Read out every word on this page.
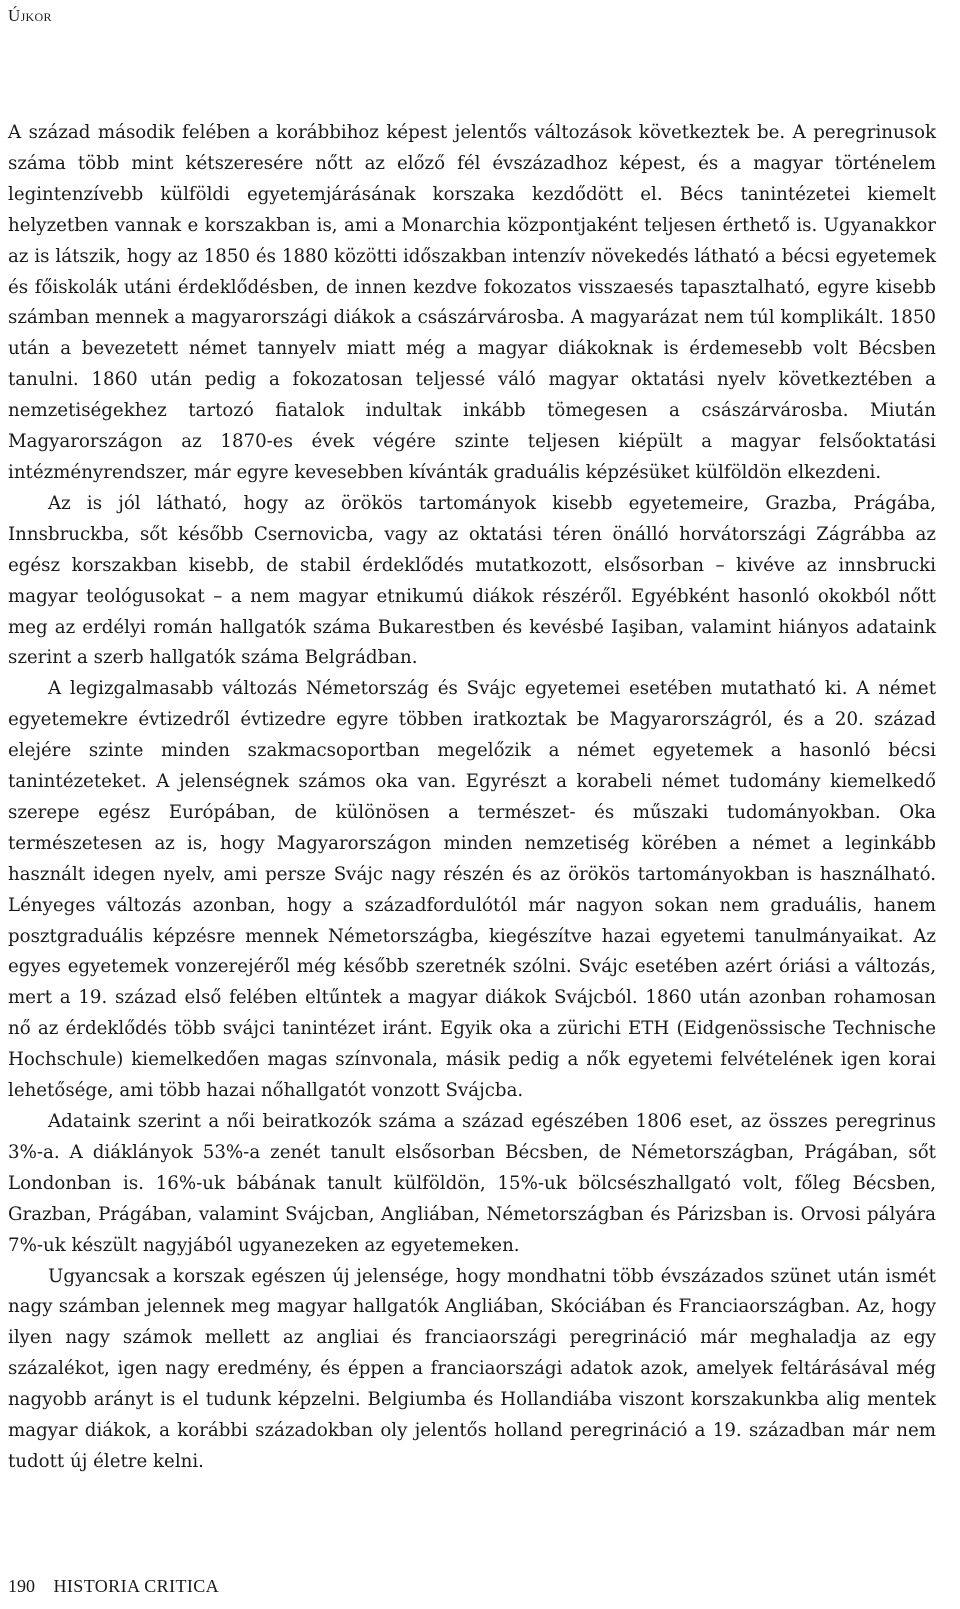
Újkor

A század második felében a korábbihoz képest jelentős változások következtek be. A peregrinusok száma több mint kétszeresére nőtt az előző fél évszázadhoz képest, és a magyar történelem legintenzívebb külföldi egyetemjárásának korszaka kezdődött el. Bécs tanintézetei kiemelt helyzetben vannak e korszakban is, ami a Monarchia központjaként teljesen érthető is. Ugyanakkor az is látszik, hogy az 1850 és 1880 közötti időszakban intenzív növekedés látható a bécsi egyetemek és főiskolák utáni érdeklődésben, de innen kezdve fokozatos visszaesés tapasztalható, egyre kisebb számban mennek a magyarországi diákok a császárvárosba. A magyarázat nem túl komplikált. 1850 után a bevezetett német tannyelv miatt még a magyar diákoknak is érdemesebb volt Bécsben tanulni. 1860 után pedig a fokozatosan teljessé váló magyar oktatási nyelv következtében a nemzetiségekhez tartozó fiatalok indultak inkább tömegesen a császárvárosba. Miután Magyarországon az 1870-es évek végére szinte teljesen kiépült a magyar felsőoktatási intézményrendszer, már egyre kevesebben kívánták graduális képzésüket külföldön elkezdeni.

Az is jól látható, hogy az örökös tartományok kisebb egyetemeire, Grazba, Prágába, Innsbruckba, sőt később Csernovicba, vagy az oktatási téren önálló horvátországi Zágrábba az egész korszakban kisebb, de stabil érdeklődés mutatkozott, elsősorban – kivéve az innsbrucki magyar teológusokat – a nem magyar etnikumú diákok részéről. Egyébként hasonló okokból nőtt meg az erdélyi román hallgatók száma Bukarestben és kevésbé Iaşiban, valamint hiányos adataink szerint a szerb hallgatók száma Belgrádban.

A legizgalmasabb változás Németország és Svájc egyetemei esetében mutatható ki. A német egyetemekre évtizedről évtizedre egyre többen iratkoztak be Magyarországról, és a 20. század elejére szinte minden szakmacsoportban megelőzik a német egyetemek a hasonló bécsi tanintézeteket. A jelenségnek számos oka van. Egyrészt a korabeli német tudomány kiemelkedő szerepe egész Európában, de különösen a természet- és műszaki tudományokban. Oka természetesen az is, hogy Magyarországon minden nemzetiség körében a német a leginkább használt idegen nyelv, ami persze Svájc nagy részén és az örökös tartományokban is használható. Lényeges változás azonban, hogy a századfordulótól már nagyon sokan nem graduális, hanem posztgraduális képzésre mennek Németországba, kiegészítve hazai egyetemi tanulmányaikat. Az egyes egyetemek vonzerejéről még később szeretnék szólni. Svájc esetében azért óriási a változás, mert a 19. század első felében eltűntek a magyar diákok Svájcból. 1860 után azonban rohamosan nő az érdeklődés több svájci tanintézet iránt. Egyik oka a zürichi ETH (Eidgenössische Technische Hochschule) kiemelkedően magas színvonala, másik pedig a nők egyetemi felvételének igen korai lehetősége, ami több hazai nőhallgatót vonzott Svájcba.

Adataink szerint a női beiratkozók száma a század egészében 1806 eset, az összes peregrinus 3%-a. A diáklányok 53%-a zenét tanult elsősorban Bécsben, de Németországban, Prágában, sőt Londonban is. 16%-uk bábának tanult külföldön, 15%-uk bölcsészhallgató volt, főleg Bécsben, Grazban, Prágában, valamint Svájcban, Angliában, Németországban és Párizsban is. Orvosi pályára 7%-uk készült nagyjából ugyanezeken az egyetemeken.

Ugyancsak a korszak egészen új jelensége, hogy mondhatni több évszázados szünet után ismét nagy számban jelennek meg magyar hallgatók Angliában, Skóciában és Franciaországban. Az, hogy ilyen nagy számok mellett az angliai és franciaországi peregrináció már meghaladja az egy százalékot, igen nagy eredmény, és éppen a franciaországi adatok azok, amelyek feltárásával még nagyobb arányt is el tudunk képzelni. Belgiumba és Hollandiába viszont korszakunkba alig mentek magyar diákok, a korábbi századokban oly jelentős holland peregrináció a 19. században már nem tudott új életre kelni.

190 HISTORIA CRITICA
